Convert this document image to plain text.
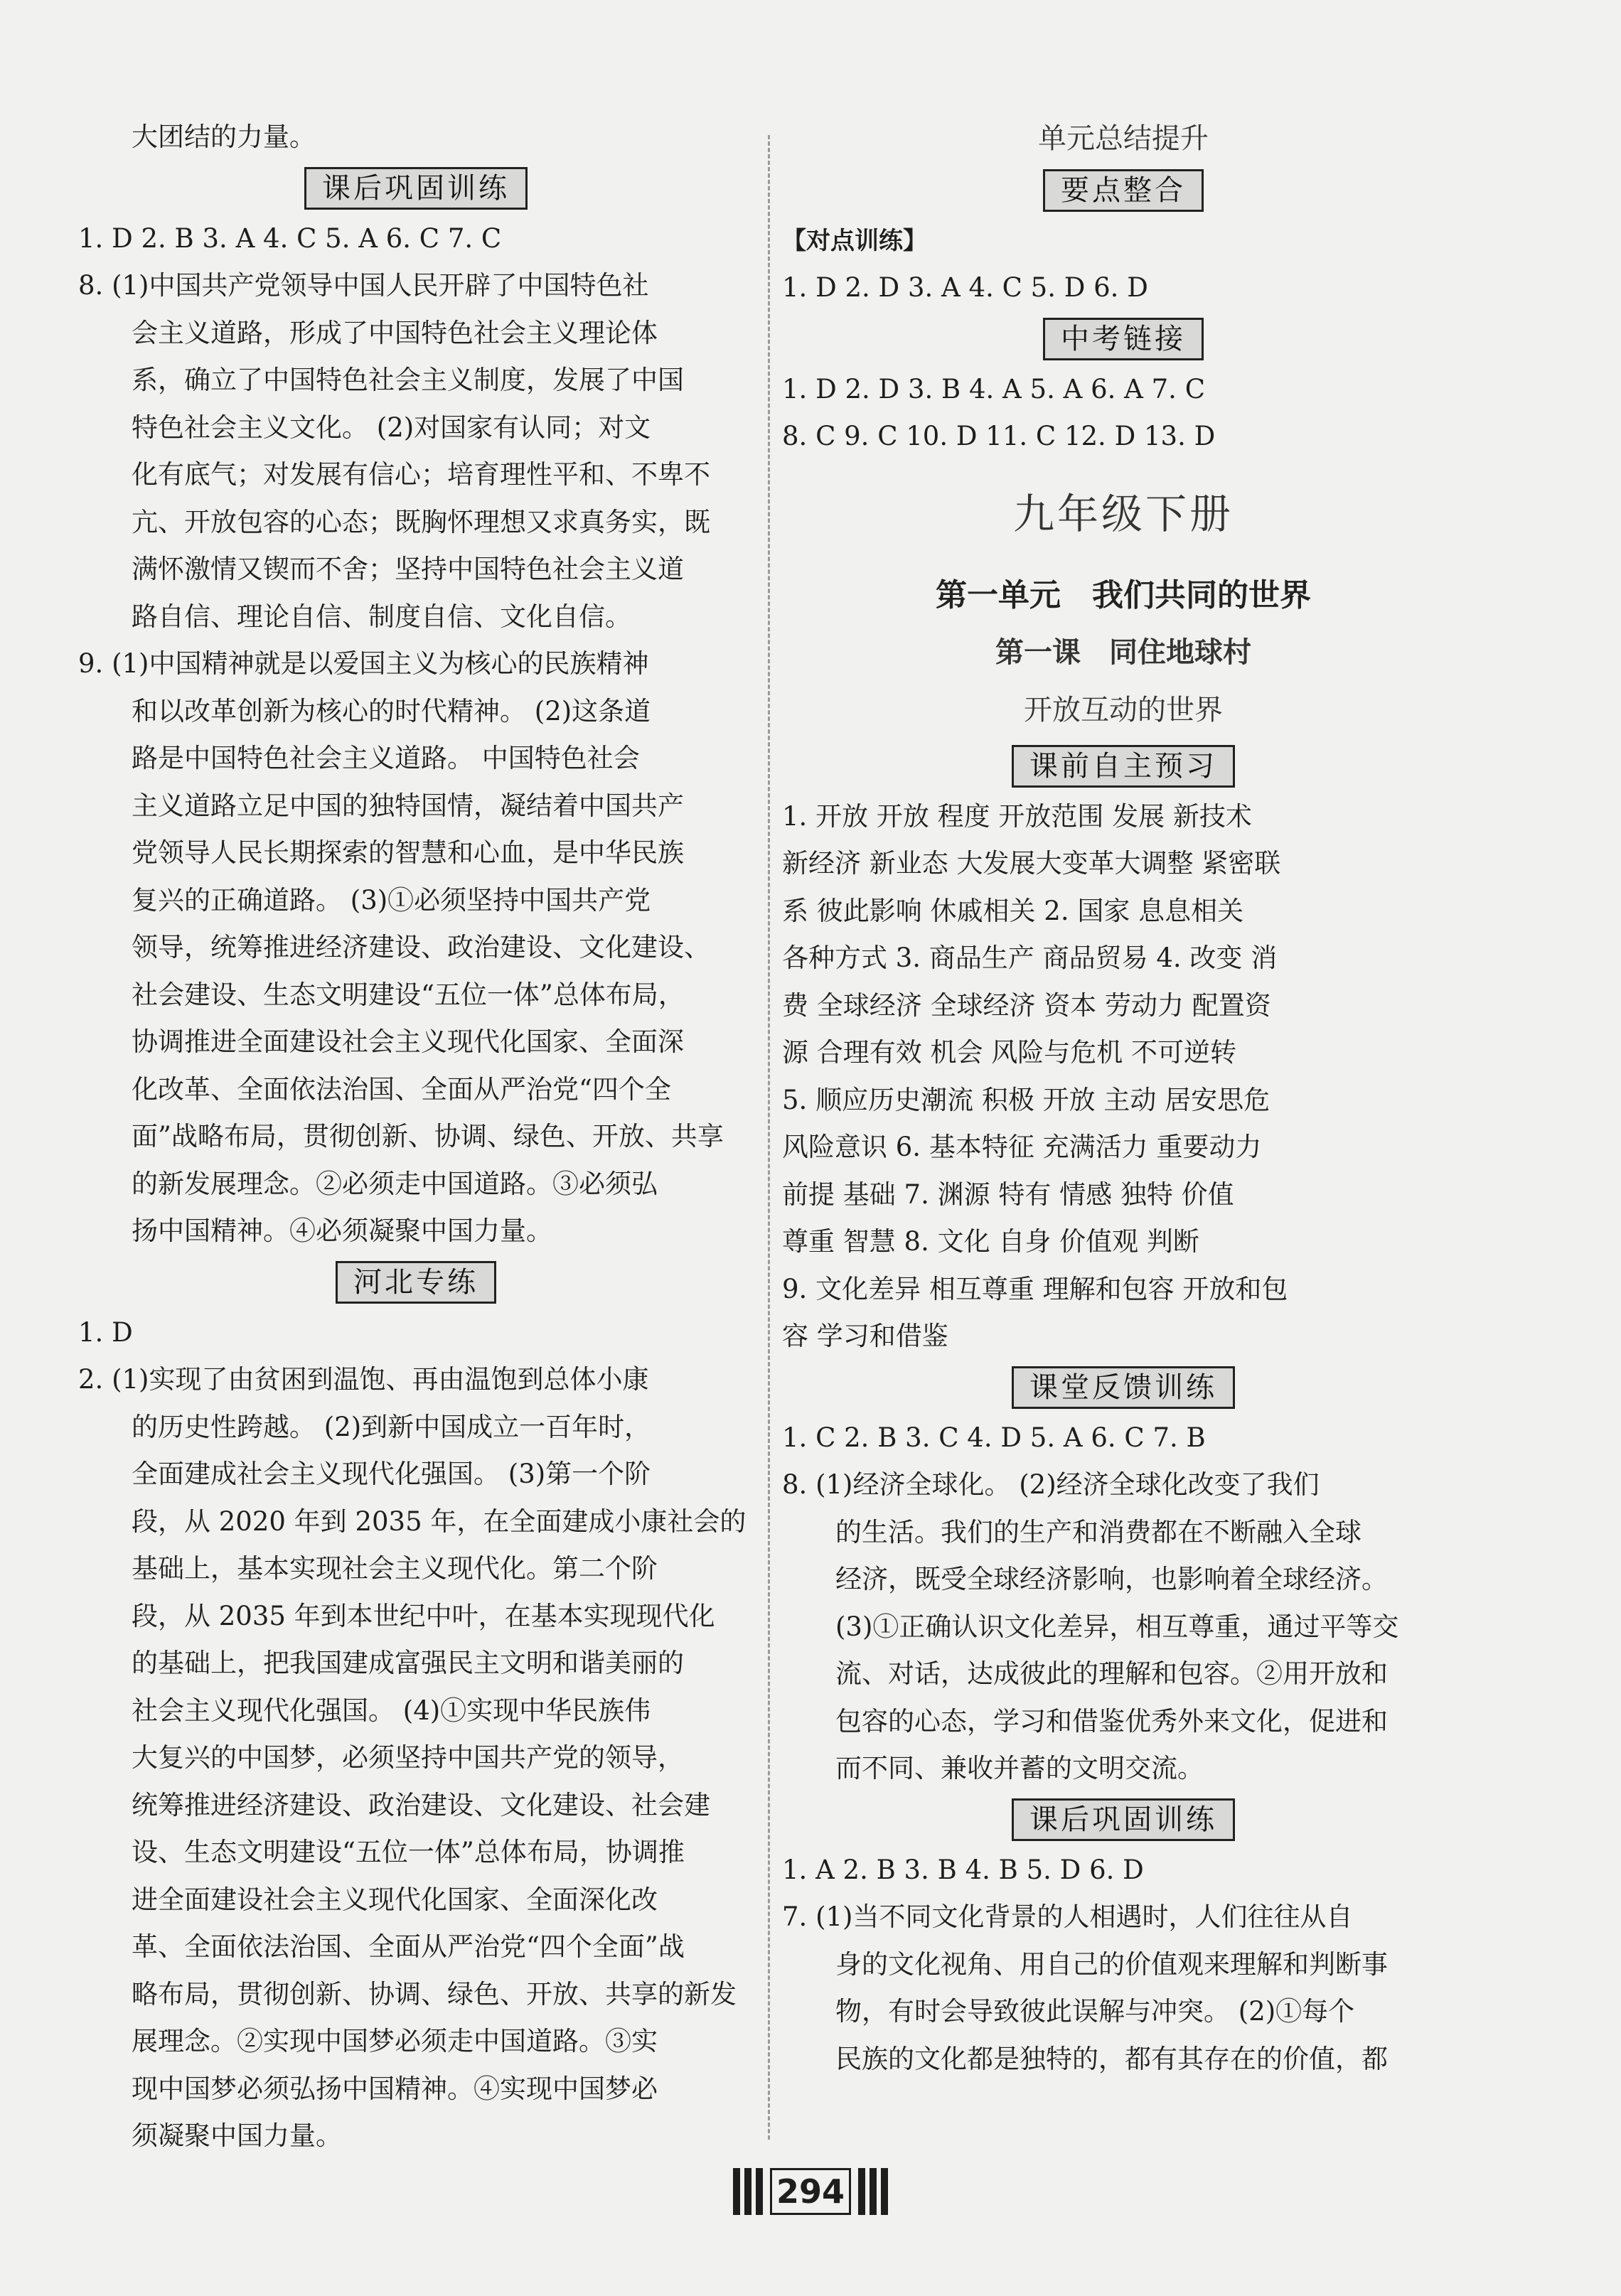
大团结的力量。
课后巩固训练
1. D 2. B 3. A 4. C 5. A 6. C 7. C
8. (1)中国共产党领导中国人民开辟了中国特色社
会主义道路，形成了中国特色社会主义理论体
系，确立了中国特色社会主义制度，发展了中国
特色社会主义文化。 (2)对国家有认同；对文
化有底气；对发展有信心；培育理性平和、不卑不
亢、开放包容的心态；既胸怀理想又求真务实，既
满怀激情又锲而不舍；坚持中国特色社会主义道
路自信、理论自信、制度自信、文化自信。
9. (1)中国精神就是以爱国主义为核心的民族精神
和以改革创新为核心的时代精神。 (2)这条道
路是中国特色社会主义道路。 中国特色社会
主义道路立足中国的独特国情，凝结着中国共产
党领导人民长期探索的智慧和心血，是中华民族
复兴的正确道路。 (3)①必须坚持中国共产党
领导，统筹推进经济建设、政治建设、文化建设、
社会建设、生态文明建设“五位一体”总体布局，
协调推进全面建设社会主义现代化国家、全面深
化改革、全面依法治国、全面从严治党“四个全
面”战略布局，贯彻创新、协调、绿色、开放、共享
的新发展理念。②必须走中国道路。③必须弘
扬中国精神。④必须凝聚中国力量。
河北专练
1. D
2. (1)实现了由贫困到温饱、再由温饱到总体小康
的历史性跨越。 (2)到新中国成立一百年时，
全面建成社会主义现代化强国。 (3)第一个阶
段，从 2020 年到 2035 年，在全面建成小康社会的
基础上，基本实现社会主义现代化。第二个阶
段，从 2035 年到本世纪中叶，在基本实现现代化
的基础上，把我国建成富强民主文明和谐美丽的
社会主义现代化强国。 (4)①实现中华民族伟
大复兴的中国梦，必须坚持中国共产党的领导，
统筹推进经济建设、政治建设、文化建设、社会建
设、生态文明建设“五位一体”总体布局，协调推
进全面建设社会主义现代化国家、全面深化改
革、全面依法治国、全面从严治党“四个全面”战
略布局，贯彻创新、协调、绿色、开放、共享的新发
展理念。②实现中国梦必须走中国道路。③实
现中国梦必须弘扬中国精神。④实现中国梦必
须凝聚中国力量。
单元总结提升
要点整合
【对点训练】
1. D 2. D 3. A 4. C 5. D 6. D
中考链接
1. D 2. D 3. B 4. A 5. A 6. A 7. C
8. C 9. C 10. D 11. C 12. D 13. D
九年级下册
第一单元　我们共同的世界
第一课　同住地球村
开放互动的世界
课前自主预习
1. 开放 开放 程度 开放范围 发展 新技术
新经济 新业态 大发展大变革大调整 紧密联
系 彼此影响 休戚相关 2. 国家 息息相关
各种方式 3. 商品生产 商品贸易 4. 改变 消
费 全球经济 全球经济 资本 劳动力 配置资
源 合理有效 机会 风险与危机 不可逆转
5. 顺应历史潮流 积极 开放 主动 居安思危
风险意识 6. 基本特征 充满活力 重要动力
前提 基础 7. 渊源 特有 情感 独特 价值
尊重 智慧 8. 文化 自身 价值观 判断
9. 文化差异 相互尊重 理解和包容 开放和包
容 学习和借鉴
课堂反馈训练
1. C 2. B 3. C 4. D 5. A 6. C 7. B
8. (1)经济全球化。 (2)经济全球化改变了我们
的生活。我们的生产和消费都在不断融入全球
经济，既受全球经济影响，也影响着全球经济。
(3)①正确认识文化差异，相互尊重，通过平等交
流、对话，达成彼此的理解和包容。②用开放和
包容的心态，学习和借鉴优秀外来文化，促进和
而不同、兼收并蓄的文明交流。
课后巩固训练
1. A 2. B 3. B 4. B 5. D 6. D
7. (1)当不同文化背景的人相遇时，人们往往从自
身的文化视角、用自己的价值观来理解和判断事
物，有时会导致彼此误解与冲突。 (2)①每个
民族的文化都是独特的，都有其存在的价值，都
294
